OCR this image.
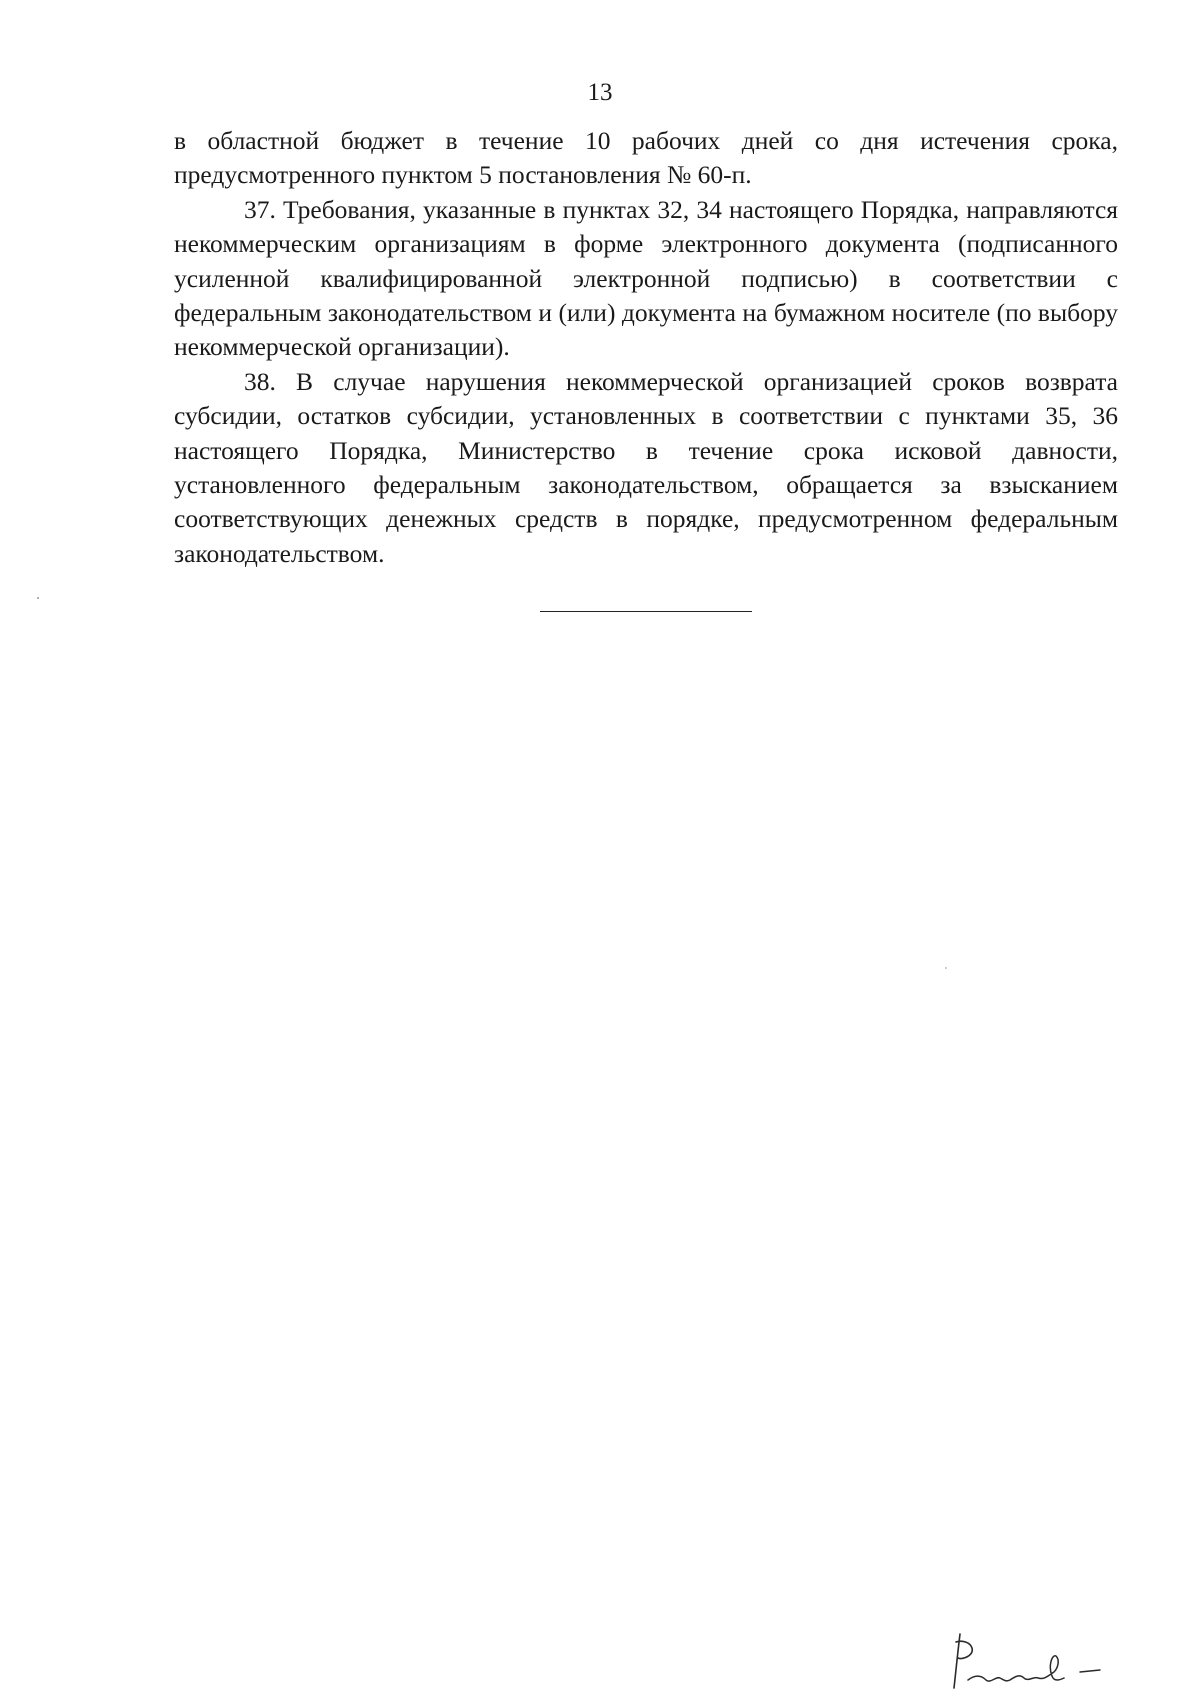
13

в областной бюджет в течение 10 рабочих дней со дня истечения срока, предусмотренного пунктом 5 постановления № 60-п.

37. Требования, указанные в пунктах 32, 34 настоящего Порядка, направляются некоммерческим организациям в форме электронного документа (подписанного усиленной квалифицированной электронной подписью) в соответствии с федеральным законодательством и (или) документа на бумажном носителе (по выбору некоммерческой организации).

38. В случае нарушения некоммерческой организацией сроков возврата субсидии, остатков субсидии, установленных в соответствии с пунктами 35, 36 настоящего Порядка, Министерство в течение срока исковой давности, установленного федеральным законодательством, обращается за взысканием соответствующих денежных средств в порядке, предусмотренном федеральным законодательством.
